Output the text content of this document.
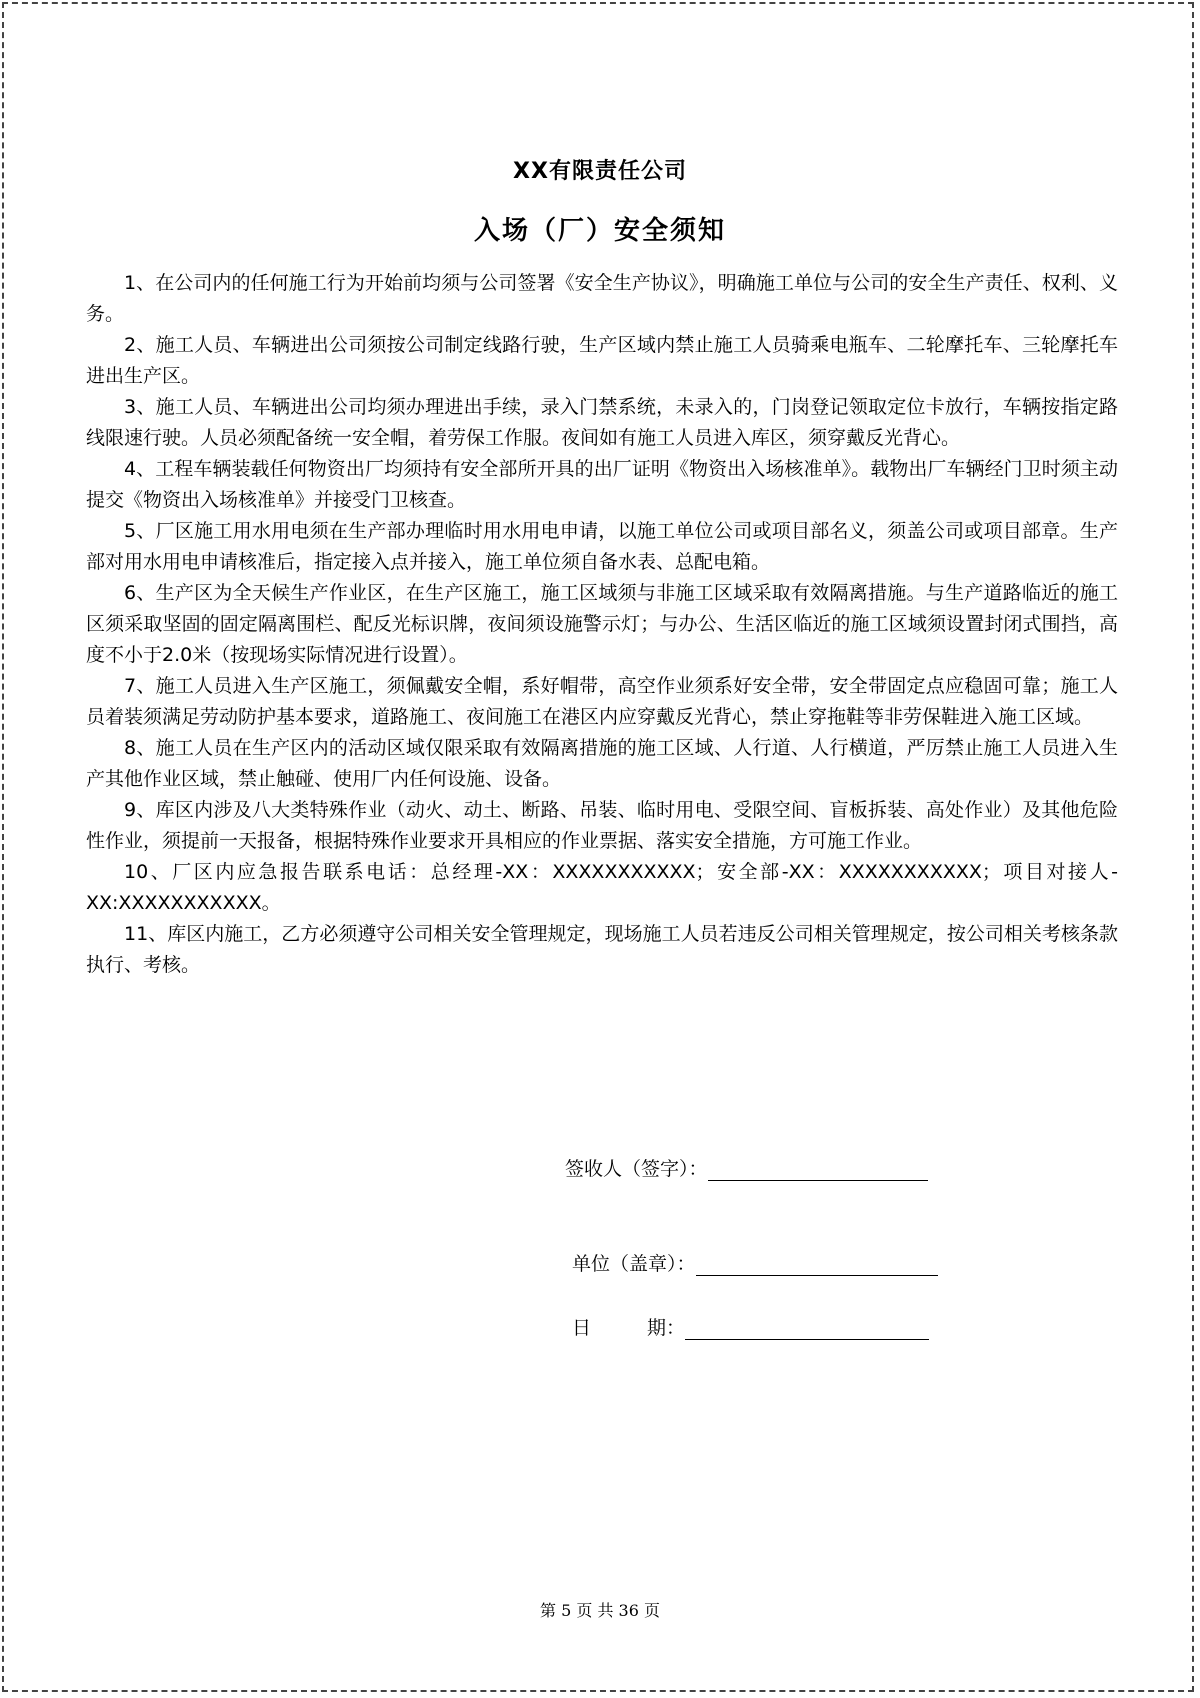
XX有限责任公司
入场（厂）安全须知

1、在公司内的任何施工行为开始前均须与公司签署《安全生产协议》，明确施工单位与公司的安全生产责任、权利、义务。

2、施工人员、车辆进出公司须按公司制定线路行驶，生产区域内禁止施工人员骑乘电瓶车、二轮摩托车、三轮摩托车进出生产区。

3、施工人员、车辆进出公司均须办理进出手续，录入门禁系统，未录入的，门岗登记领取定位卡放行，车辆按指定路线限速行驶。人员必须配备统一安全帽，着劳保工作服。夜间如有施工人员进入库区，须穿戴反光背心。

4、工程车辆装载任何物资出厂均须持有安全部所开具的出厂证明《物资出入场核准单》。载物出厂车辆经门卫时须主动提交《物资出入场核准单》并接受门卫核查。

5、厂区施工用水用电须在生产部办理临时用水用电申请，以施工单位公司或项目部名义，须盖公司或项目部章。生产部对用水用电申请核准后，指定接入点并接入，施工单位须自备水表、总配电箱。

6、生产区为全天候生产作业区，在生产区施工，施工区域须与非施工区域采取有效隔离措施。与生产道路临近的施工区须采取坚固的固定隔离围栏、配反光标识牌，夜间须设施警示灯；与办公、生活区临近的施工区域须设置封闭式围挡，高度不小于2.0米（按现场实际情况进行设置）。

7、施工人员进入生产区施工，须佩戴安全帽，系好帽带，高空作业须系好安全带，安全带固定点应稳固可靠；施工人员着装须满足劳动防护基本要求，道路施工、夜间施工在港区内应穿戴反光背心，禁止穿拖鞋等非劳保鞋进入施工区域。

8、施工人员在生产区内的活动区域仅限采取有效隔离措施的施工区域、人行道、人行横道，严厉禁止施工人员进入生产其他作业区域，禁止触碰、使用厂内任何设施、设备。

9、库区内涉及八大类特殊作业（动火、动土、断路、吊装、临时用电、受限空间、盲板拆装、高处作业）及其他危险性作业，须提前一天报备，根据特殊作业要求开具相应的作业票据、落实安全措施，方可施工作业。

10、厂区内应急报告联系电话：总经理-XX：XXXXXXXXXXX；安全部-XX：XXXXXXXXXXX；项目对接人-XX:XXXXXXXXXXX。

11、库区内施工，乙方必须遵守公司相关安全管理规定，现场施工人员若违反公司相关管理规定，按公司相关考核条款执行、考核。

签收人（签字）：
单位（盖章）：
日	期：
第 5 页 共 36 页
